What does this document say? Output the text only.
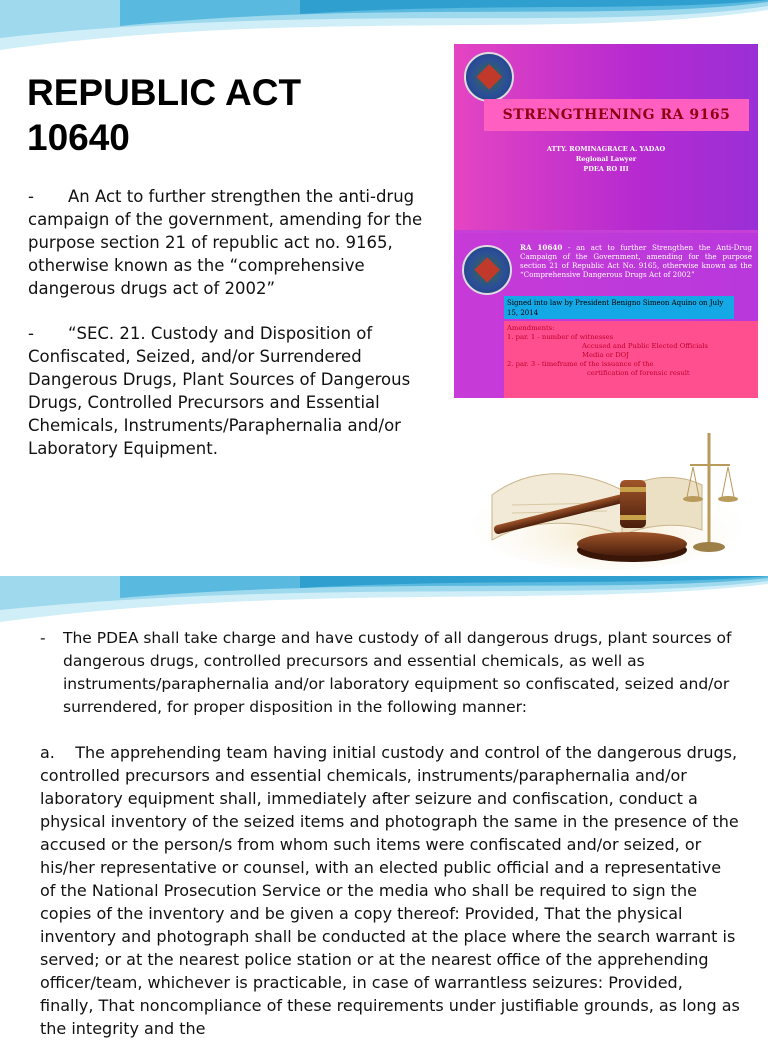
REPUBLIC ACT
10640

- An Act to further strengthen the anti-drug campaign of the government, amending for the purpose section 21 of republic act no. 9165, otherwise known as the “comprehensive dangerous drugs act of 2002”

- “SEC. 21. Custody and Disposition of Confiscated, Seized, and/or Surrendered Dangerous Drugs, Plant Sources of Dangerous Drugs, Controlled Precursors and Essential Chemicals, Instruments/Paraphernalia and/or Laboratory Equipment.

STRENGTHENING RA 9165
ATTY. ROMINAGRACE A. YADAO
Regional Lawyer
PDEA RO III
RA 10640 - an act to further Strengthen the Anti-Drug Campaign of the Government, amending for the purpose section 21 of Republic Act No. 9165, otherwise known as the “Comprehensive Dangerous Drugs Act of 2002”
Signed into law by President Benigno Simeon Aquino on July 15, 2014
Amendments:
1. par. 1 - number of witnesses
Accused and Public Elected Officials
Media or DOJ
2. par. 3 - timeframe of the issuance of the
certification of forensic result
-	The PDEA shall take charge and have custody of all dangerous drugs, plant sources of dangerous drugs, controlled precursors and essential chemicals, as well as instruments/paraphernalia and/or laboratory equipment so confiscated, seized and/or surrendered, for proper disposition in the following manner:
a.    The apprehending team having initial custody and control of the dangerous drugs, controlled precursors and essential chemicals, instruments/paraphernalia and/or laboratory equipment shall, immediately after seizure and confiscation, conduct a physical inventory of the seized items and photograph the same in the presence of the accused or the person/s from whom such items were confiscated and/or seized, or his/her representative or counsel, with an elected public official and a representative of the National Prosecution Service or the media who shall be required to sign the copies of the inventory and be given a copy thereof: Provided, That the physical inventory and photograph shall be conducted at the place where the search warrant is served; or at the nearest police station or at the nearest office of the apprehending officer/team, whichever is practicable, in case of warrantless seizures: Provided, finally, That noncompliance of these requirements under justifiable grounds, as long as the integrity and the
